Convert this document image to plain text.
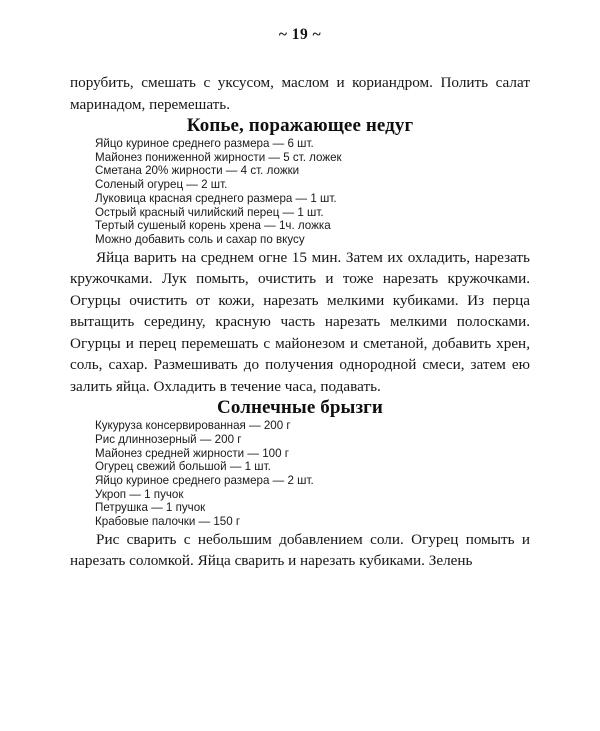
~ 19 ~

порубить, смешать с уксусом, маслом и кориандром. Полить салат маринадом, перемешать.

Копье, поражающее недуг
Яйцо куриное среднего размера — 6 шт.
Майонез пониженной жирности — 5 ст. ложек
Сметана 20% жирности — 4 ст. ложки
Соленый огурец — 2 шт.
Луковица красная среднего размера — 1 шт.
Острый красный чилийский перец — 1 шт.
Тертый сушеный корень хрена — 1ч. ложка
Можно добавить соль и сахар по вкусу

Яйца варить на среднем огне 15 мин. Затем их охладить, нарезать кружочками. Лук помыть, очистить и тоже нарезать кружочками. Огурцы очистить от кожи, нарезать мелкими кубиками. Из перца вытащить середину, красную часть нарезать мелкими полосками. Огурцы и перец перемешать с майонезом и сметаной, добавить хрен, соль, сахар. Размешивать до получения однородной смеси, затем ею залить яйца. Охладить в течение часа, подавать.

Солнечные брызги
Кукуруза консервированная — 200 г
Рис длиннозерный — 200 г
Майонез средней жирности — 100 г
Огурец свежий большой — 1 шт.
Яйцо куриное среднего размера — 2 шт.
Укроп — 1 пучок
Петрушка — 1 пучок
Крабовые палочки — 150 г

Рис сварить с небольшим добавлением соли. Огурец помыть и нарезать соломкой. Яйца сварить и нарезать кубиками. Зелень
